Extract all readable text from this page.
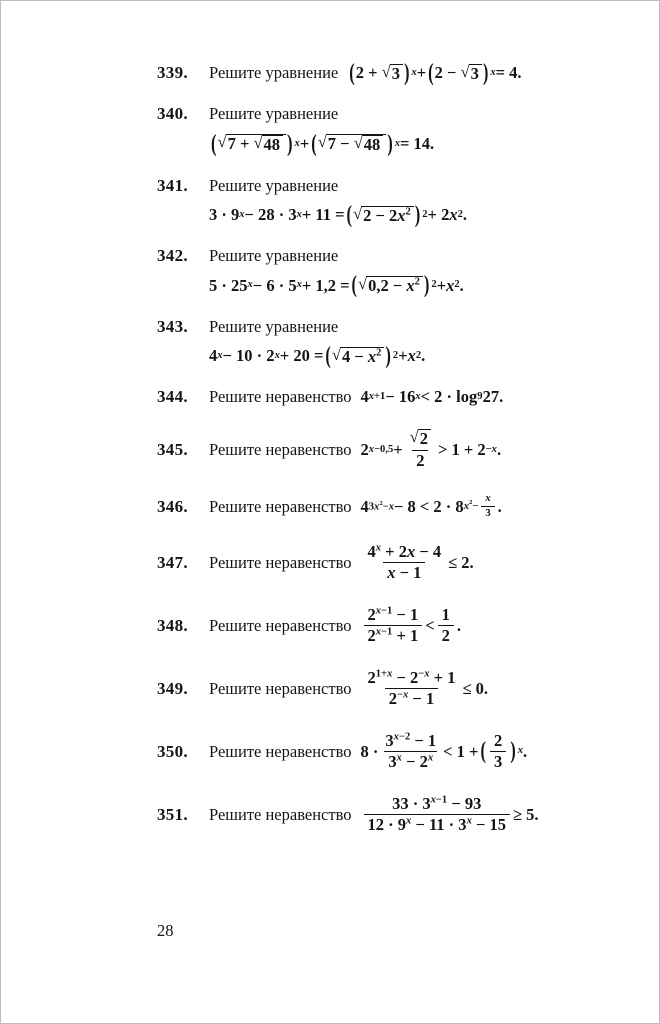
339.	Решите уравнение ( 2 + √ 3 ) x + ( 2 − √ 3 ) x = 4.
340.	Решите уравнение
( √ 7 + √ 48 ) x + ( √ 7 − √ 48 ) x = 14.
341.	Решите уравнение
3 · 9 x − 28 · 3 x + 11 = ( √ $2 - 2x^2$ ) 2 + 2 x 2 .
342.	Решите уравнение
5 · 25 x − 6 · 5 x + 1,2 = ( √ $0,2 - x^2$ ) 2 + x 2 .
343.	Решите уравнение
4 x − 10 · 2 x + 20 = ( √ $4 - x^2$ ) 2 + x 2 .
344.	Решите неравенство 4 x+1 − 16 x < 2 · log 9 27.
345.	Решите неравенство 2 $x-0,5 + \frac{√ 2}{2} > 1 + 2 -x$ .
346.	Решите неравенство 4 $3x^2-x - 8 < 2 \cdot 8$ $x^2- \frac{x}{3}$ .
347.	Решите неравенство $\frac{4^x + 2x - 4}{x - 1} \le 2$.
348.	Решите неравенство $\frac{2^{x-1} - 1}{2^{x-1} + 1} < \frac{1}{2}$ .
349.	Решите неравенство $\frac{2^{1+x} - 2^{-x} + 1}{2^{-x} - 1} \le 0$.
350.	Решите неравенство $8 \cdot \frac{3^{x-2} - 1}{3^x - 2^x} < 1$ + ( $\frac{2}{3}$ ) x .
351.	Решите неравенство $\frac{33 \cdot 3^{x-1} - 93}{12 \cdot 9^x - 11 \cdot 3^x - 15} \ge 5$.
28
